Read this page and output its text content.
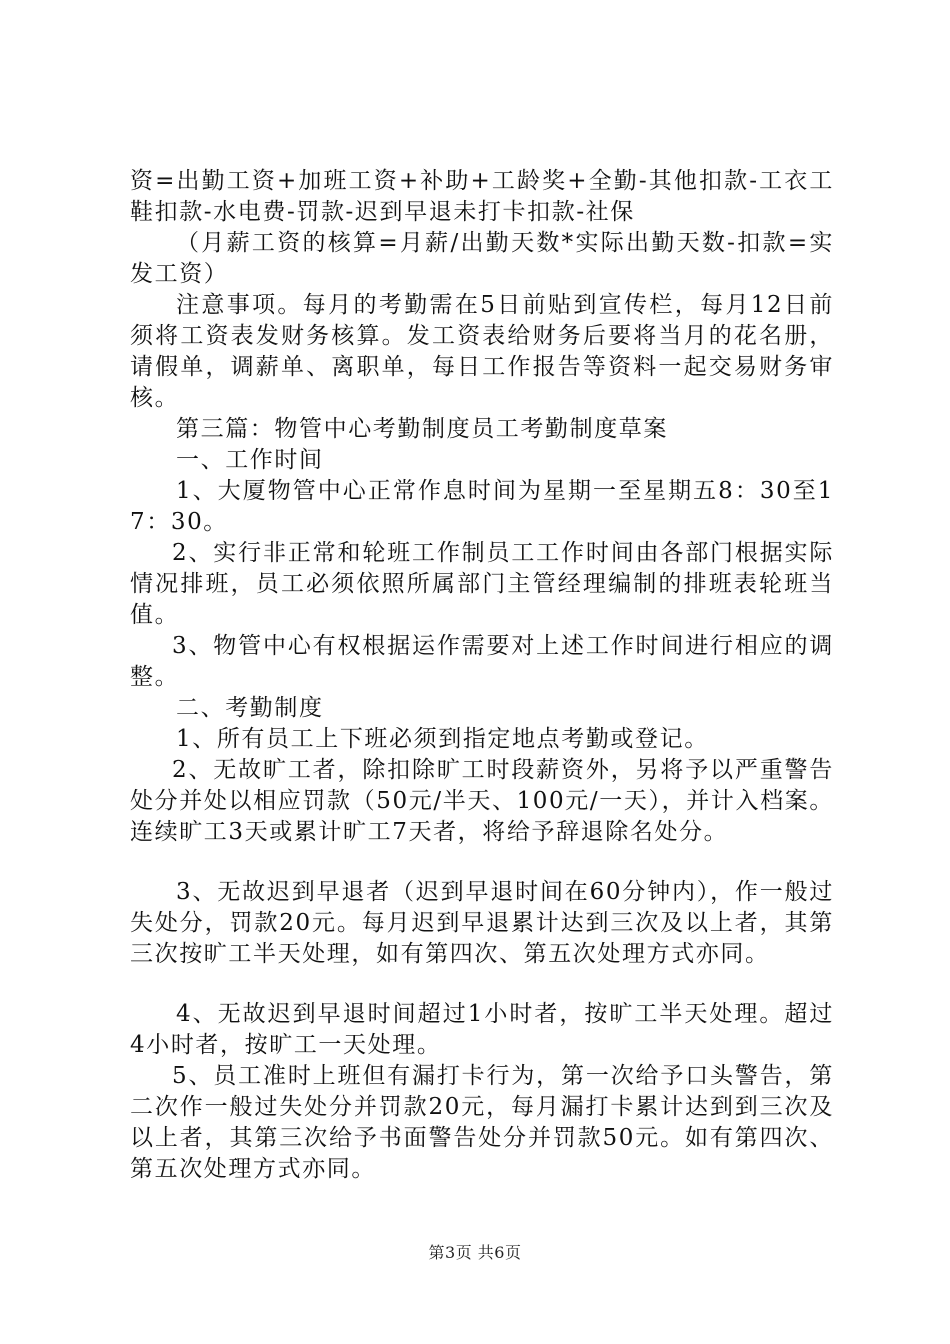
资=出勤工资+加班工资+补助+工龄奖+全勤-其他扣款-工衣工鞋扣款-水电费-罚款-迟到早退未打卡扣款-社保

（月薪工资的核算=月薪/出勤天数*实际出勤天数-扣款=实发工资）

注意事项。每月的考勤需在5日前贴到宣传栏，每月12日前须将工资表发财务核算。发工资表给财务后要将当月的花名册，请假单，调薪单、离职单，每日工作报告等资料一起交易财务审核。

第三篇：物管中心考勤制度员工考勤制度草案

一、工作时间

1、大厦物管中心正常作息时间为星期一至星期五8：30至17：30。

2、实行非正常和轮班工作制员工工作时间由各部门根据实际情况排班，员工必须依照所属部门主管经理编制的排班表轮班当值。

3、物管中心有权根据运作需要对上述工作时间进行相应的调整。

二、考勤制度

1、所有员工上下班必须到指定地点考勤或登记。

2、无故旷工者，除扣除旷工时段薪资外，另将予以严重警告处分并处以相应罚款（50元/半天、100元/一天），并计入档案。连续旷工3天或累计旷工7天者，将给予辞退除名处分。

3、无故迟到早退者（迟到早退时间在60分钟内），作一般过失处分，罚款20元。每月迟到早退累计达到三次及以上者，其第三次按旷工半天处理，如有第四次、第五次处理方式亦同。

4、无故迟到早退时间超过1小时者，按旷工半天处理。超过4小时者，按旷工一天处理。

5、员工准时上班但有漏打卡行为，第一次给予口头警告，第二次作一般过失处分并罚款20元，每月漏打卡累计达到到三次及以上者，其第三次给予书面警告处分并罚款50元。如有第四次、第五次处理方式亦同。

第3页 共6页
